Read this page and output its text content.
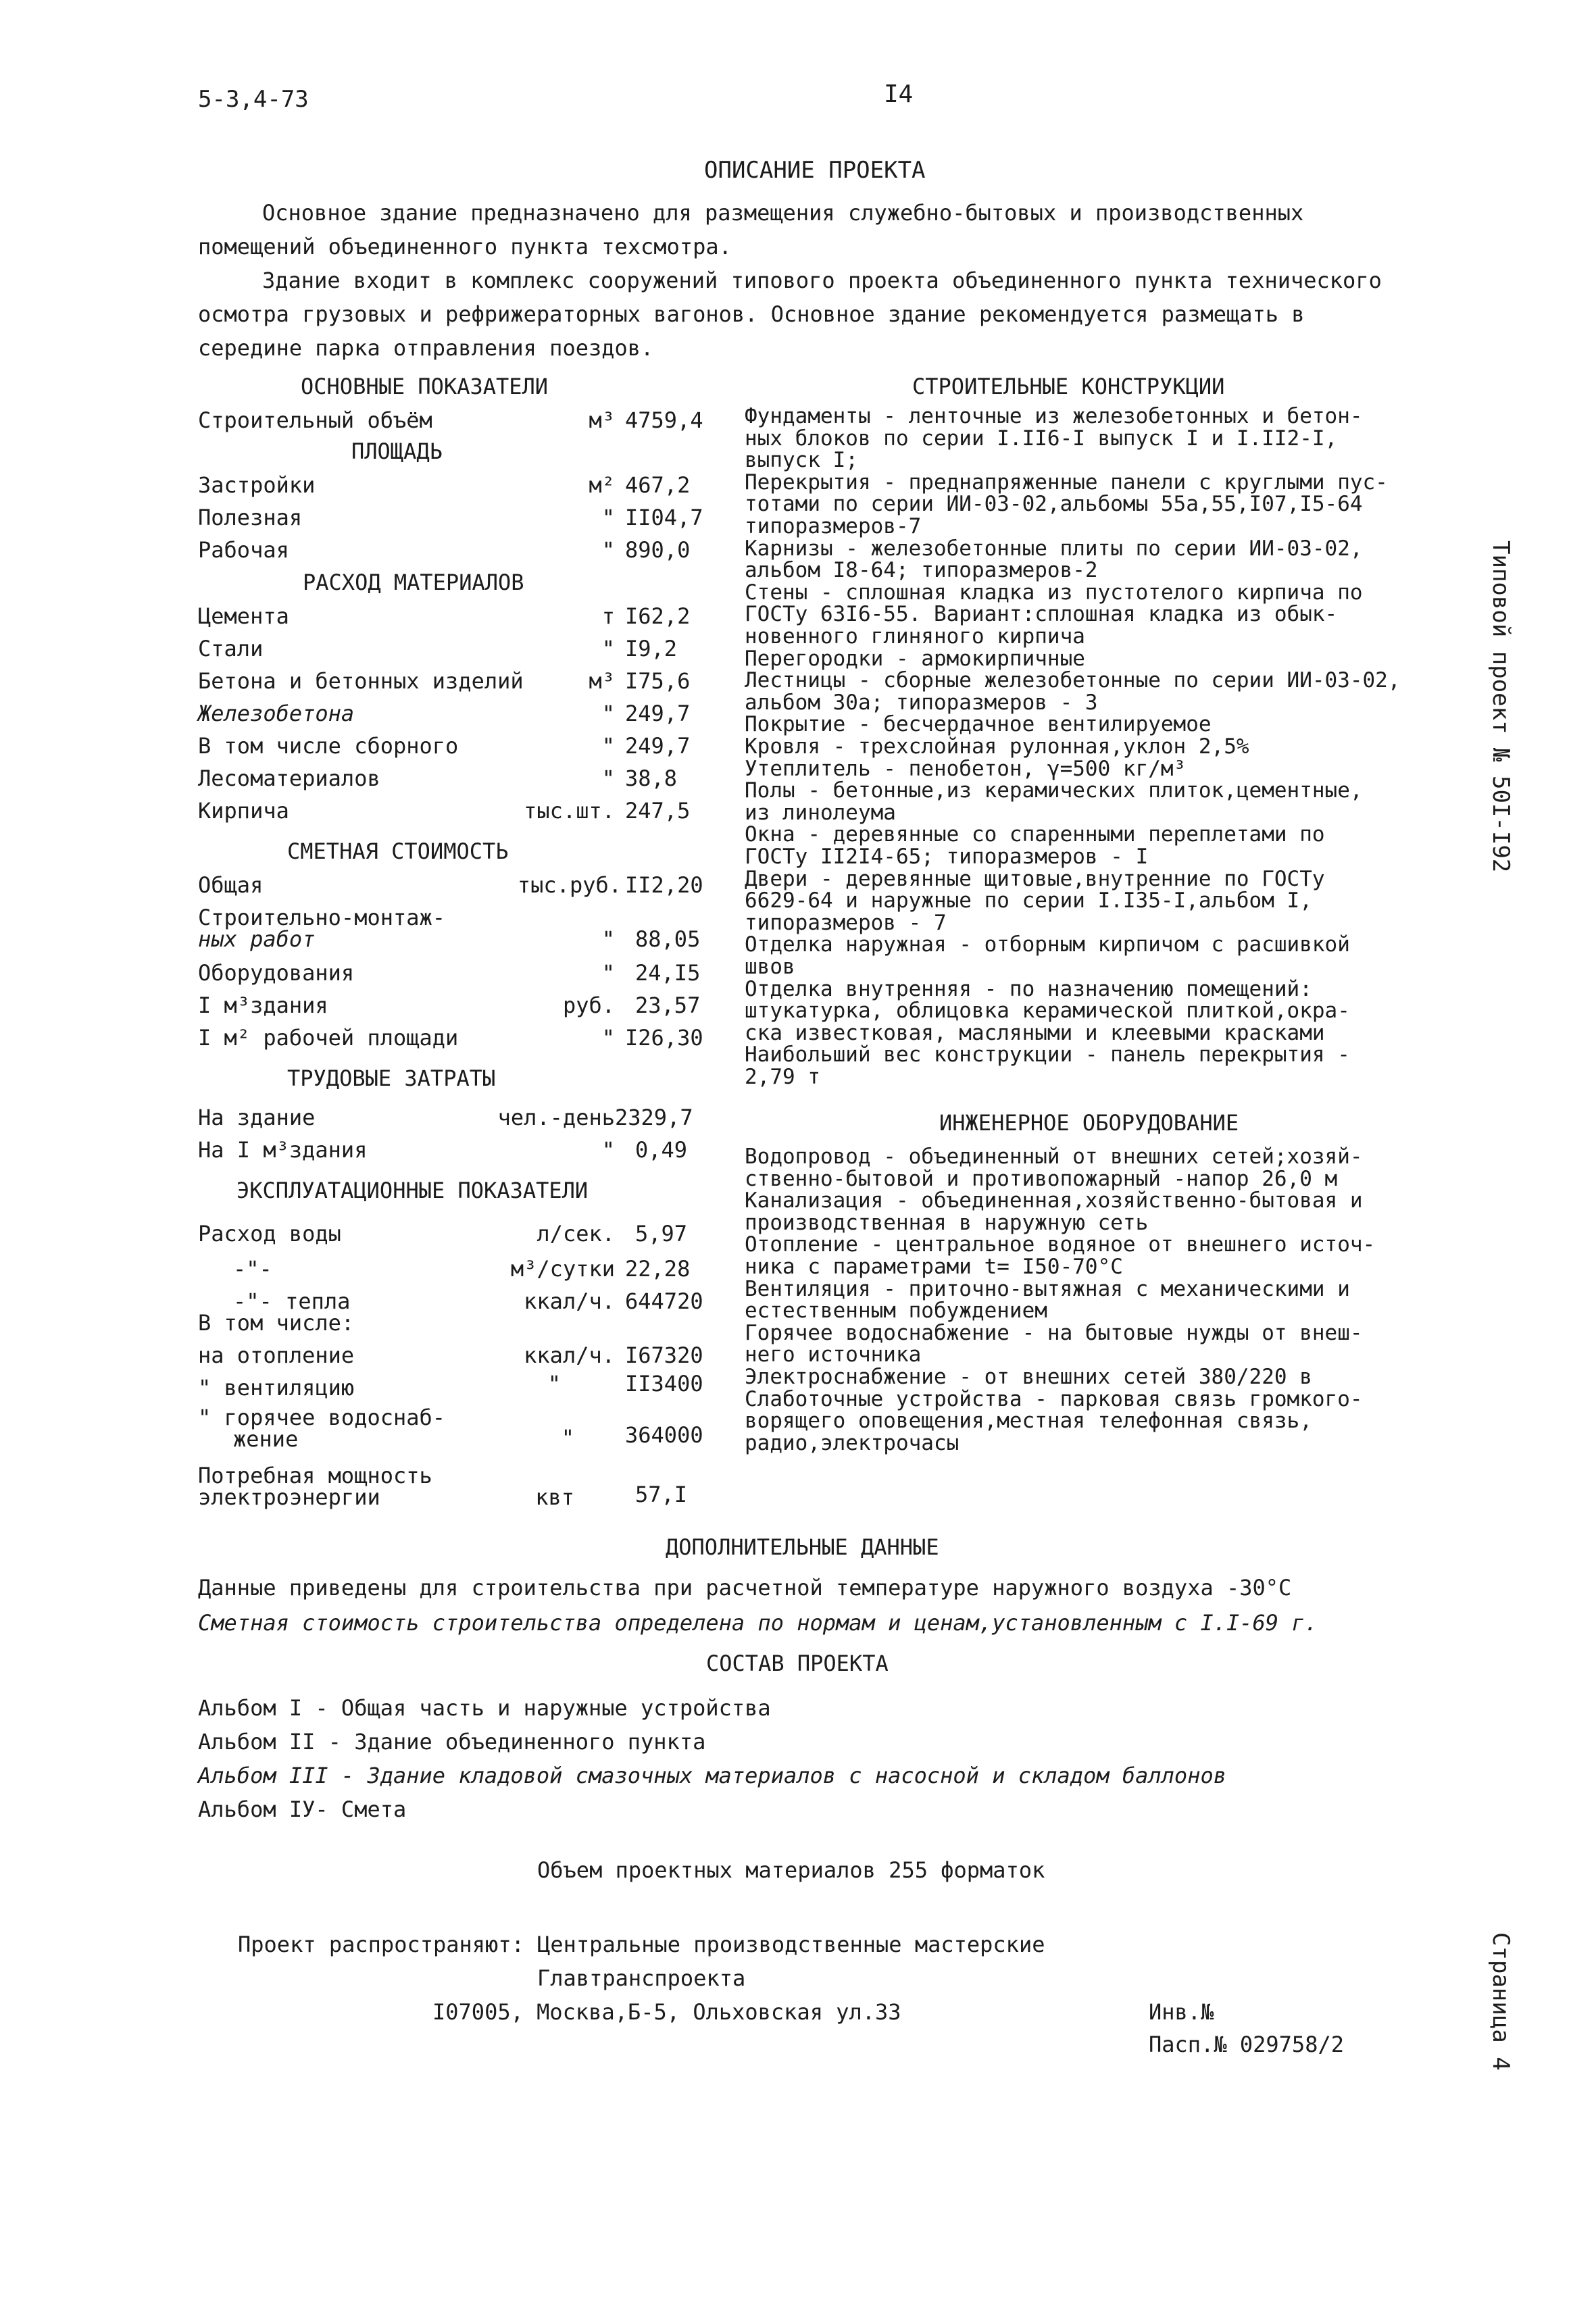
5-3,4-73	I4
ОПИСАНИЕ ПРОЕКТА
Основное здание предназначено для размещения служебно-бытовых и производственных помещений объединенного пункта техсмотра.
Здание входит в комплекс сооружений типового проекта объединенного пункта технического осмотра грузовых и рефрижераторных вагонов. Основное здание рекомендуется размещать в середине парка отправления поездов.
ОСНОВНЫЕ ПОКАЗАТЕЛИ
Строительный объём	м³ 4759,4
ПЛОЩАДЬ
Застройки	м² 467,2
Полезная	" II04,7
Рабочая	" 890,0
РАСХОД МАТЕРИАЛОВ
Цемента	т I62,2
Стали	" I9,2
Бетона и бетонных изделий	м³ I75,6
Железобетона	" 249,7
В том числе сборного	" 249,7
Лесоматериалов	" 38,8
Кирпича	тыс.шт. 247,5
СМЕТНАЯ СТОИМОСТЬ
Общая	тыс.руб. II2,20
Строительно-монтаж-
ных работ	" 88,05
Оборудования	" 24,I5
I м³здания	руб. 23,57
I м² рабочей площади	" I26,30
ТРУДОВЫЕ ЗАТРАТЫ
На здание	чел.-день 2329,7
На I м³здания	" 0,49
ЭКСПЛУАТАЦИОННЫЕ ПОКАЗАТЕЛИ
Расход воды	л/сек. 5,97
-"-	м³/сутки 22,28
-"- тепла	ккал/ч. 644720
В том числе:
на отопление	ккал/ч. I67320
" вентиляцию	"	II3400
" горячее водоснаб-
жение	" 364000
Потребная мощность
электроэнергии	квт	57,I
СТРОИТЕЛЬНЫЕ КОНСТРУКЦИИ
Фундаменты - ленточные из железобетонных и бетон-
ных блоков по серии I.II6-I выпуск I и I.II2-I,
выпуск I;
Перекрытия - преднапряженные панели с круглыми пус-
тотами по серии ИИ-03-02,альбомы 55а,55,I07,I5-64
типоразмеров-7
Карнизы - железобетонные плиты по серии ИИ-03-02,
альбом I8-64; типоразмеров-2
Стены - сплошная кладка из пустотелого кирпича по
ГОСТу 63I6-55. Вариант:сплошная кладка из обык-
новенного глиняного кирпича
Перегородки - армокирпичные
Лестницы - сборные железобетонные по серии ИИ-03-02,
альбом 30а; типоразмеров - 3
Покрытие - бесчердачное вентилируемое
Кровля - трехслойная рулонная,уклон 2,5%
Утеплитель - пенобетон, γ=500 кг/м³
Полы - бетонные,из керамических плиток,цементные,
из линолеума
Окна - деревянные со спаренными переплетами по
ГОСТу II2I4-65; типоразмеров - I
Двери - деревянные щитовые,внутренние по ГОСТу
6629-64 и наружные по серии I.I35-I,альбом I,
типоразмеров - 7
Отделка наружная - отборным кирпичом с расшивкой
швов
Отделка внутренняя - по назначению помещений:
штукатурка, облицовка керамической плиткой,окра-
ска известковая, масляными и клеевыми красками
Наибольший вес конструкции - панель перекрытия -
2,79 т
ИНЖЕНЕРНОЕ ОБОРУДОВАНИЕ
Водопровод - объединенный от внешних сетей;хозяй-
ственно-бытовой и противопожарный -напор 26,0 м
Канализация - объединенная,хозяйственно-бытовая и
производственная в наружную сеть
Отопление - центральное водяное от внешнего источ-
ника с параметрами t= I50-70°C
Вентиляция - приточно-вытяжная с механическими и
естественным побуждением
Горячее водоснабжение - на бытовые нужды от внеш-
него источника
Электроснабжение - от внешних сетей 380/220 в
Слаботочные устройства - парковая связь громкого-
ворящего оповещения,местная телефонная связь,
радио,электрочасы
ДОПОЛНИТЕЛЬНЫЕ ДАННЫЕ
Данные приведены для строительства при расчетной температуре наружного воздуха -30°С
Сметная стоимость строительства определена по нормам и ценам,установленным с I.I-69 г.
СОСТАВ ПРОЕКТА
Альбом I - Общая часть и наружные устройства
Альбом II - Здание объединенного пункта
Альбом III - Здание кладовой смазочных материалов с насосной и складом баллонов
Альбом IУ- Смета
Объем проектных материалов 255 форматок
Проект распространяют: Центральные производственные мастерские
Главтранспроекта
I07005, Москва,Б-5, Ольховская ул.33	Инв.№
Пасп.№ 029758/2
Типовой проект № 50I-I92
Страница 4
